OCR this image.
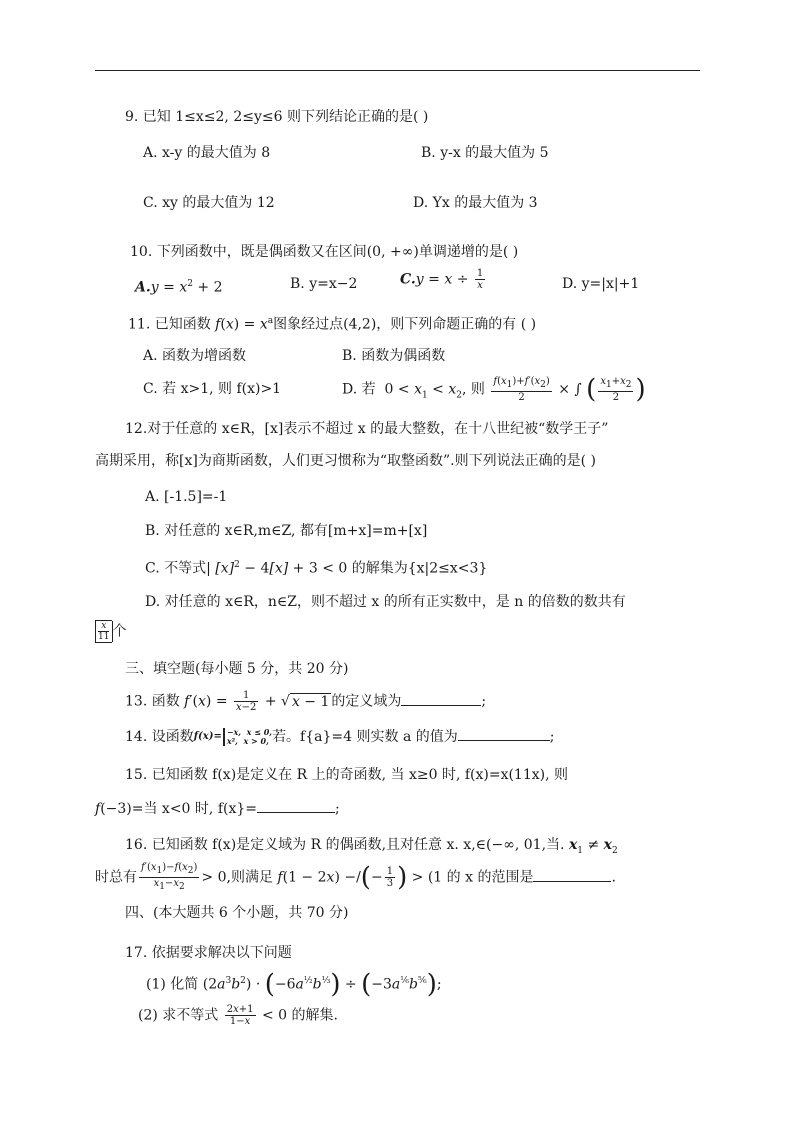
9. 已知 1≤x≤2, 2≤y≤6 则下列结论正确的是( )
A. x-y 的最大值为 8	B. y-x 的最大值为 5
C. xy 的最大值为 12	D. Yx 的最大值为 3
10. 下列函数中，既是偶函数又在区间(0, +∞)单调递增的是( )
$A.y = x^2 + 2$	B. y=x−2	$C.y = x \div \frac{1}{x}$	D. y=|x|+1
11. 已知函数 $f(x) = x^a$图象经过点(4,2)，则下列命题正确的有 ( )
A. 函数为增函数	B. 函数为偶函数
C. 若 x>1, 则 f(x)>1	D. 若  $0 < x_1 < x_2$, 则 $\frac{f(x_1)+f'(x_2)}{2}$ × ∫ ( $\frac{x_1+x_2}{2}$ )
12.对于任意的 x∈R，[x]表示不超过 x 的最大整数，在十八世纪被“数学王子”
高期采用，称[x]为商斯函数，人们更习惯称为“取整函数”.则下列说法正确的是( )
A. [-1.5]=-1
B. 对任意的 x∈R,m∈Z, 都有[m+x]=m+[x]
C. 不等式| $[x]^2 - 4[x] + 3 < 0$ 的解集为{x|2≤x<3}
D. 对任意的 x∈R，n∈Z，则不超过 x 的所有正实数中，是 n 的倍数的数共有
$\frac{x}{11}$ 个
三、填空题(每小题 5 分，共 20 分)
13. 函数 $f'(x) = \frac{1}{x-2}$ + √ x − 1 的定义域为	;
14. 设函数f(x)= −x,  x ≤ 0,
x²,  x > 0, 若。f{a}=4 则实数 a 的值为	;
15. 已知函数 f(x)是定义在 R 上的奇函数, 当 x≥0 时, f(x)=x(11x), 则
f(−3)=当 x<0 时, f(x}=	;
16. 已知函数 f(x)是定义域为 R 的偶函数,且对任意 x. x,∈(−∞, 01,当. $x_1 \ne x_2$
时总有 $\frac{f'(x_1)-f(x_2)}{x_1-x_2} > 0$,则满足 f(1 − 2x) −/(− $\frac{1}{3}$ ) > (1 的 x 的范围是	.
四、(本大题共 6 个小题，共 70 分)
17. 依据要求解决以下问题
(1) 化简 $(2a^3b^2) \cdot (-6a^{\frac{1}{2}}b^{\frac{1}{3}}) \div (-3a^{\frac{1}{6}}b^{\frac{5}{6}})$;
(2) 求不等式 $\frac{2x+1}{1-x} < 0$ 的解集.
